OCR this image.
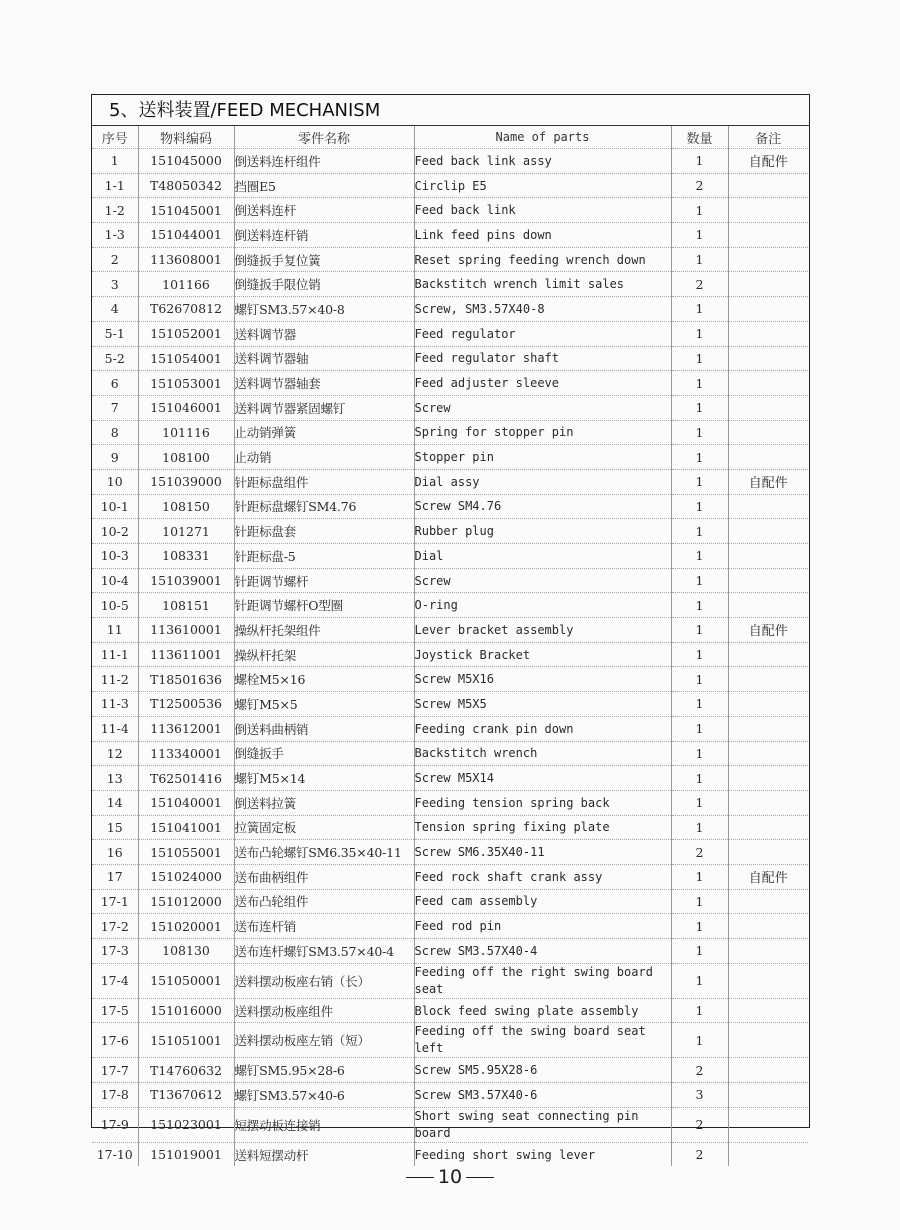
5、送料装置/FEED MECHANISM
序号	物料编码	零件名称	Name of parts	数量	备注
1	151045000	倒送料连杆组件	Feed back link assy	1	自配件
1-1	T48050342	挡圈E5	Circlip E5	2	
1-2	151045001	倒送料连杆	Feed back link	1	
1-3	151044001	倒送料连杆销	Link feed pins down	1	
2	113608001	倒缝扳手复位簧	Reset spring feeding wrench down	1	
3	101166	倒缝扳手限位销	Backstitch wrench limit sales	2	
4	T62670812	螺钉SM3.57×40-8	Screw, SM3.57X40-8	1	
5-1	151052001	送料调节器	Feed regulator	1	
5-2	151054001	送料调节器轴	Feed regulator shaft	1	
6	151053001	送料调节器轴套	Feed adjuster sleeve	1	
7	151046001	送料调节器紧固螺钉	Screw	1	
8	101116	止动销弹簧	Spring for stopper pin	1	
9	108100	止动销	Stopper pin	1	
10	151039000	针距标盘组件	Dial assy	1	自配件
10-1	108150	针距标盘螺钉SM4.76	Screw SM4.76	1	
10-2	101271	针距标盘套	Rubber plug	1	
10-3	108331	针距标盘-5	Dial	1	
10-4	151039001	针距调节螺杆	Screw	1	
10-5	108151	针距调节螺杆O型圈	O-ring	1	
11	113610001	操纵杆托架组件	Lever bracket assembly	1	自配件
11-1	113611001	操纵杆托架	Joystick Bracket	1	
11-2	T18501636	螺栓M5×16	Screw M5X16	1	
11-3	T12500536	螺钉M5×5	Screw M5X5	1	
11-4	113612001	倒送料曲柄销	Feeding crank pin down	1	
12	113340001	倒缝扳手	Backstitch wrench	1	
13	T62501416	螺钉M5×14	Screw M5X14	1	
14	151040001	倒送料拉簧	Feeding tension spring back	1	
15	151041001	拉簧固定板	Tension spring fixing plate	1	
16	151055001	送布凸轮螺钉SM6.35×40-11	Screw SM6.35X40-11	2	
17	151024000	送布曲柄组件	Feed rock shaft crank assy	1	自配件
17-1	151012000	送布凸轮组件	Feed cam assembly	1	
17-2	151020001	送布连杆销	Feed rod pin	1	
17-3	108130	送布连杆螺钉SM3.57×40-4	Screw SM3.57X40-4	1	
17-4	151050001	送料摆动板座右销（长）	Feeding off the right swing board seat	1	
17-5	151016000	送料摆动板座组件	Block feed swing plate assembly	1	
17-6	151051001	送料摆动板座左销（短）	Feeding off the swing board seat left	1	
17-7	T14760632	螺钉SM5.95×28-6	Screw SM5.95X28-6	2	
17-8	T13670612	螺钉SM3.57×40-6	Screw SM3.57X40-6	3	
17-9	151023001	短摆动板连接销	Short swing seat connecting pin board	2	
17-10	151019001	送料短摆动杆	Feeding short swing lever	2	
10
